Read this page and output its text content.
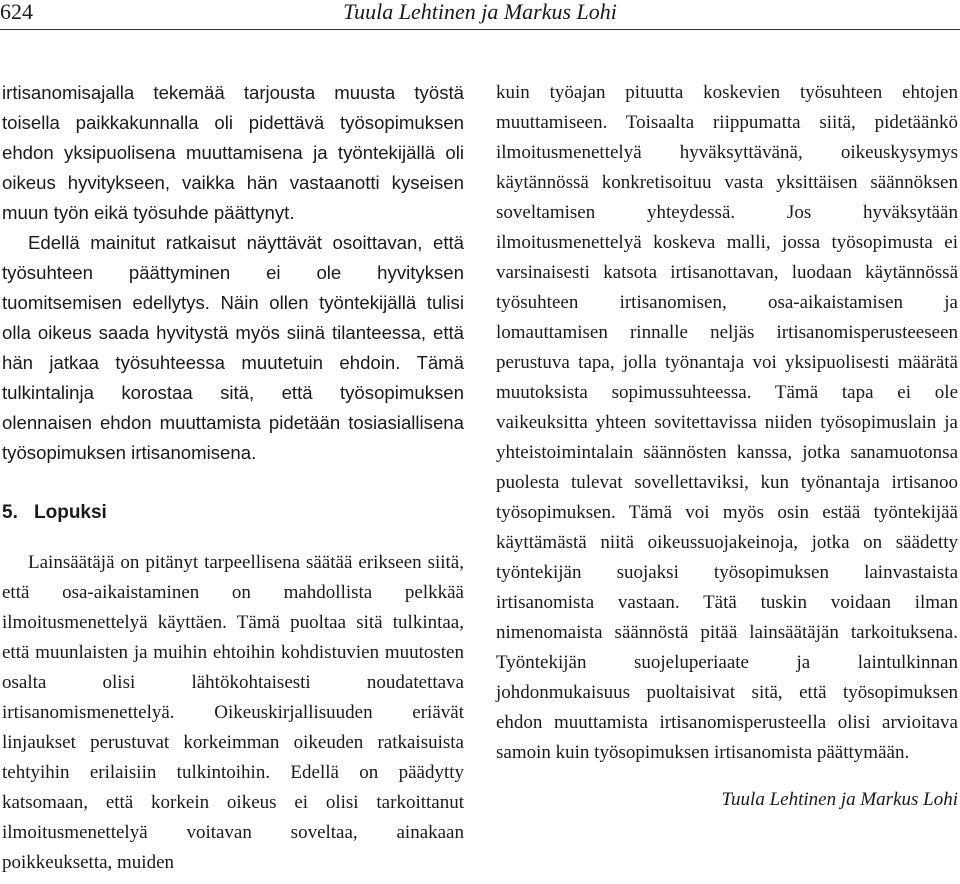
624	Tuula Lehtinen ja Markus Lohi

irtisanomisajalla tekemää tarjousta muusta työstä toisella paikkakunnalla oli pidettävä työsopimuksen ehdon yksipuolisena muuttamisena ja työntekijällä oli oikeus hyvitykseen, vaikka hän vastaanotti kyseisen muun työn eikä työsuhde päättynyt.

Edellä mainitut ratkaisut näyttävät osoittavan, että työsuhteen päättyminen ei ole hyvityksen tuomitsemisen edellytys. Näin ollen työntekijällä tulisi olla oikeus saada hyvitystä myös siinä tilanteessa, että hän jatkaa työsuhteessa muutetuin ehdoin. Tämä tulkintalinja korostaa sitä, että työsopimuksen olennaisen ehdon muuttamista pidetään tosiasiallisena työsopimuksen irtisanomisena.

5. Lopuksi

Lainsäätäjä on pitänyt tarpeellisena säätää erikseen siitä, että osa-aikaistaminen on mahdollista pelkkää ilmoitusmenettelyä käyttäen. Tämä puoltaa sitä tulkintaa, että muunlaisten ja muihin ehtoihin kohdistuvien muutosten osalta olisi lähtökohtaisesti noudatettava irtisanomismenettelyä. Oikeuskirjallisuuden eriävät linjaukset perustuvat korkeimman oikeuden ratkaisuista tehtyihin erilaisiin tulkintoihin. Edellä on päädytty katsomaan, että korkein oikeus ei olisi tarkoittanut ilmoitusmenettelyä voitavan soveltaa, ainakaan poikkeuksetta, muiden

kuin työajan pituutta koskevien työsuhteen ehtojen muuttamiseen. Toisaalta riippumatta siitä, pidetäänkö ilmoitusmenettelyä hyväksyttävänä, oikeuskysymys käytännössä konkretisoituu vasta yksittäisen säännöksen soveltamisen yhteydessä. Jos hyväksytään ilmoitusmenettelyä koskeva malli, jossa työsopimusta ei varsinaisesti katsota irtisanottavan, luodaan käytännössä työsuhteen irtisanomisen, osa-aikaistamisen ja lomauttamisen rinnalle neljäs irtisanomisperusteeseen perustuva tapa, jolla työnantaja voi yksipuolisesti määrätä muutoksista sopimussuhteessa. Tämä tapa ei ole vaikeuksitta yhteen sovitettavissa niiden työsopimuslain ja yhteistoimintalain säännösten kanssa, jotka sanamuotonsa puolesta tulevat sovellettaviksi, kun työnantaja irtisanoo työsopimuksen. Tämä voi myös osin estää työntekijää käyttämästä niitä oikeussuojakeinoja, jotka on säädetty työntekijän suojaksi työsopimuksen lainvastaista irtisanomista vastaan. Tätä tuskin voidaan ilman nimenomaista säännöstä pitää lainsäätäjän tarkoituksena. Työntekijän suojeluperiaate ja laintulkinnan johdonmukaisuus puoltaisivat sitä, että työsopimuksen ehdon muuttamista irtisanomisperusteella olisi arvioitava samoin kuin työsopimuksen irtisanomista päättymään.

Tuula Lehtinen ja Markus Lohi
